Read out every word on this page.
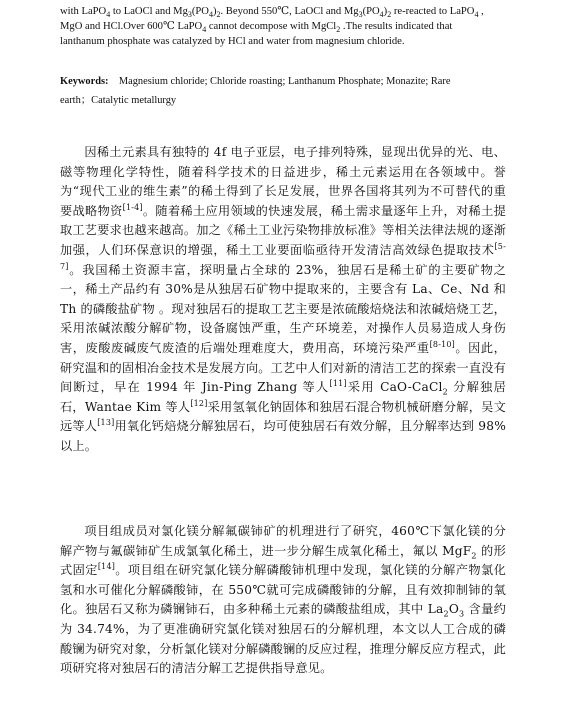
with LaPO$_4$ to LaOCl and $Mg_3(PO_4)_2$. Beyond 550℃, LaOCl and $Mg_3(PO_4)_2$ re-reacted to LaPO$_4$ ,

MgO and HCl.Over 600℃ LaPO$_4$ cannot decompose with MgCl$_2$ .The results indicated that

lanthanum phosphate was catalyzed by HCl and water from magnesium chloride.

Keywords: Magnesium chloride; Chloride roasting; Lanthanum Phosphate; Monazite; Rare
earth；Catalytic metallurgy

因稀土元素具有独特的 4f 电子亚层，电子排列特殊，显现出优异的光、电、磁等物理化学特性，随着科学技术的日益进步，稀土元素运用在各领域中。誉为“现代工业的维生素”的稀土得到了长足发展，世界各国将其列为不可替代的重要战略物资[1-4]。随着稀土应用领域的快速发展，稀土需求量逐年上升，对稀土提取工艺要求也越来越高。加之《稀土工业污染物排放标准》等相关法律法规的逐渐加强，人们环保意识的增强，稀土工业要面临亟待开发清洁高效绿色提取技术[5-7]。我国稀土资源丰富，探明量占全球的 23%，独居石是稀土矿的主要矿物之一，稀土产品约有 30%是从独居石矿物中提取来的，主要含有 La、Ce、Nd 和 Th 的磷酸盐矿物 。现对独居石的提取工艺主要是浓硫酸焙烧法和浓碱焙烧工艺，采用浓碱浓酸分解矿物，设备腐蚀严重，生产环境差，对操作人员易造成人身伤害，废酸废碱废气废渣的后端处理难度大，费用高，环境污染严重[8-10]。因此，研究温和的固相冶金技术是发展方向。工艺中人们对新的清洁工艺的探索一直没有间断过，早在 1994 年 Jin-Ping Zhang 等人[11]采用 CaO-CaCl$_2$ 分解独居石，Wantae Kim 等人[12]采用氢氧化钠固体和独居石混合物机械研磨分解，吴文远等人[13]用氧化钙焙烧分解独居石，均可使独居石有效分解，且分解率达到 98%以上。

项目组成员对氯化镁分解氟碳铈矿的机理进行了研究，460℃下氯化镁的分解产物与氟碳铈矿生成氯氧化稀土，进一步分解生成氧化稀土，氟以 MgF$_2$ 的形式固定[14]。项目组在研究氯化镁分解磷酸铈机理中发现，氯化镁的分解产物氯化氢和水可催化分解磷酸铈，在 550℃就可完成磷酸铈的分解，且有效抑制铈的氧化。独居石又称为磷镧铈石，由多种稀土元素的磷酸盐组成，其中 $La_2O_3$ 含量约为 34.74%，为了更准确研究氯化镁对独居石的分解机理，本文以人工合成的磷酸镧为研究对象，分析氯化镁对分解磷酸镧的反应过程，推理分解反应方程式，此项研究将对独居石的清洁分解工艺提供指导意见。
